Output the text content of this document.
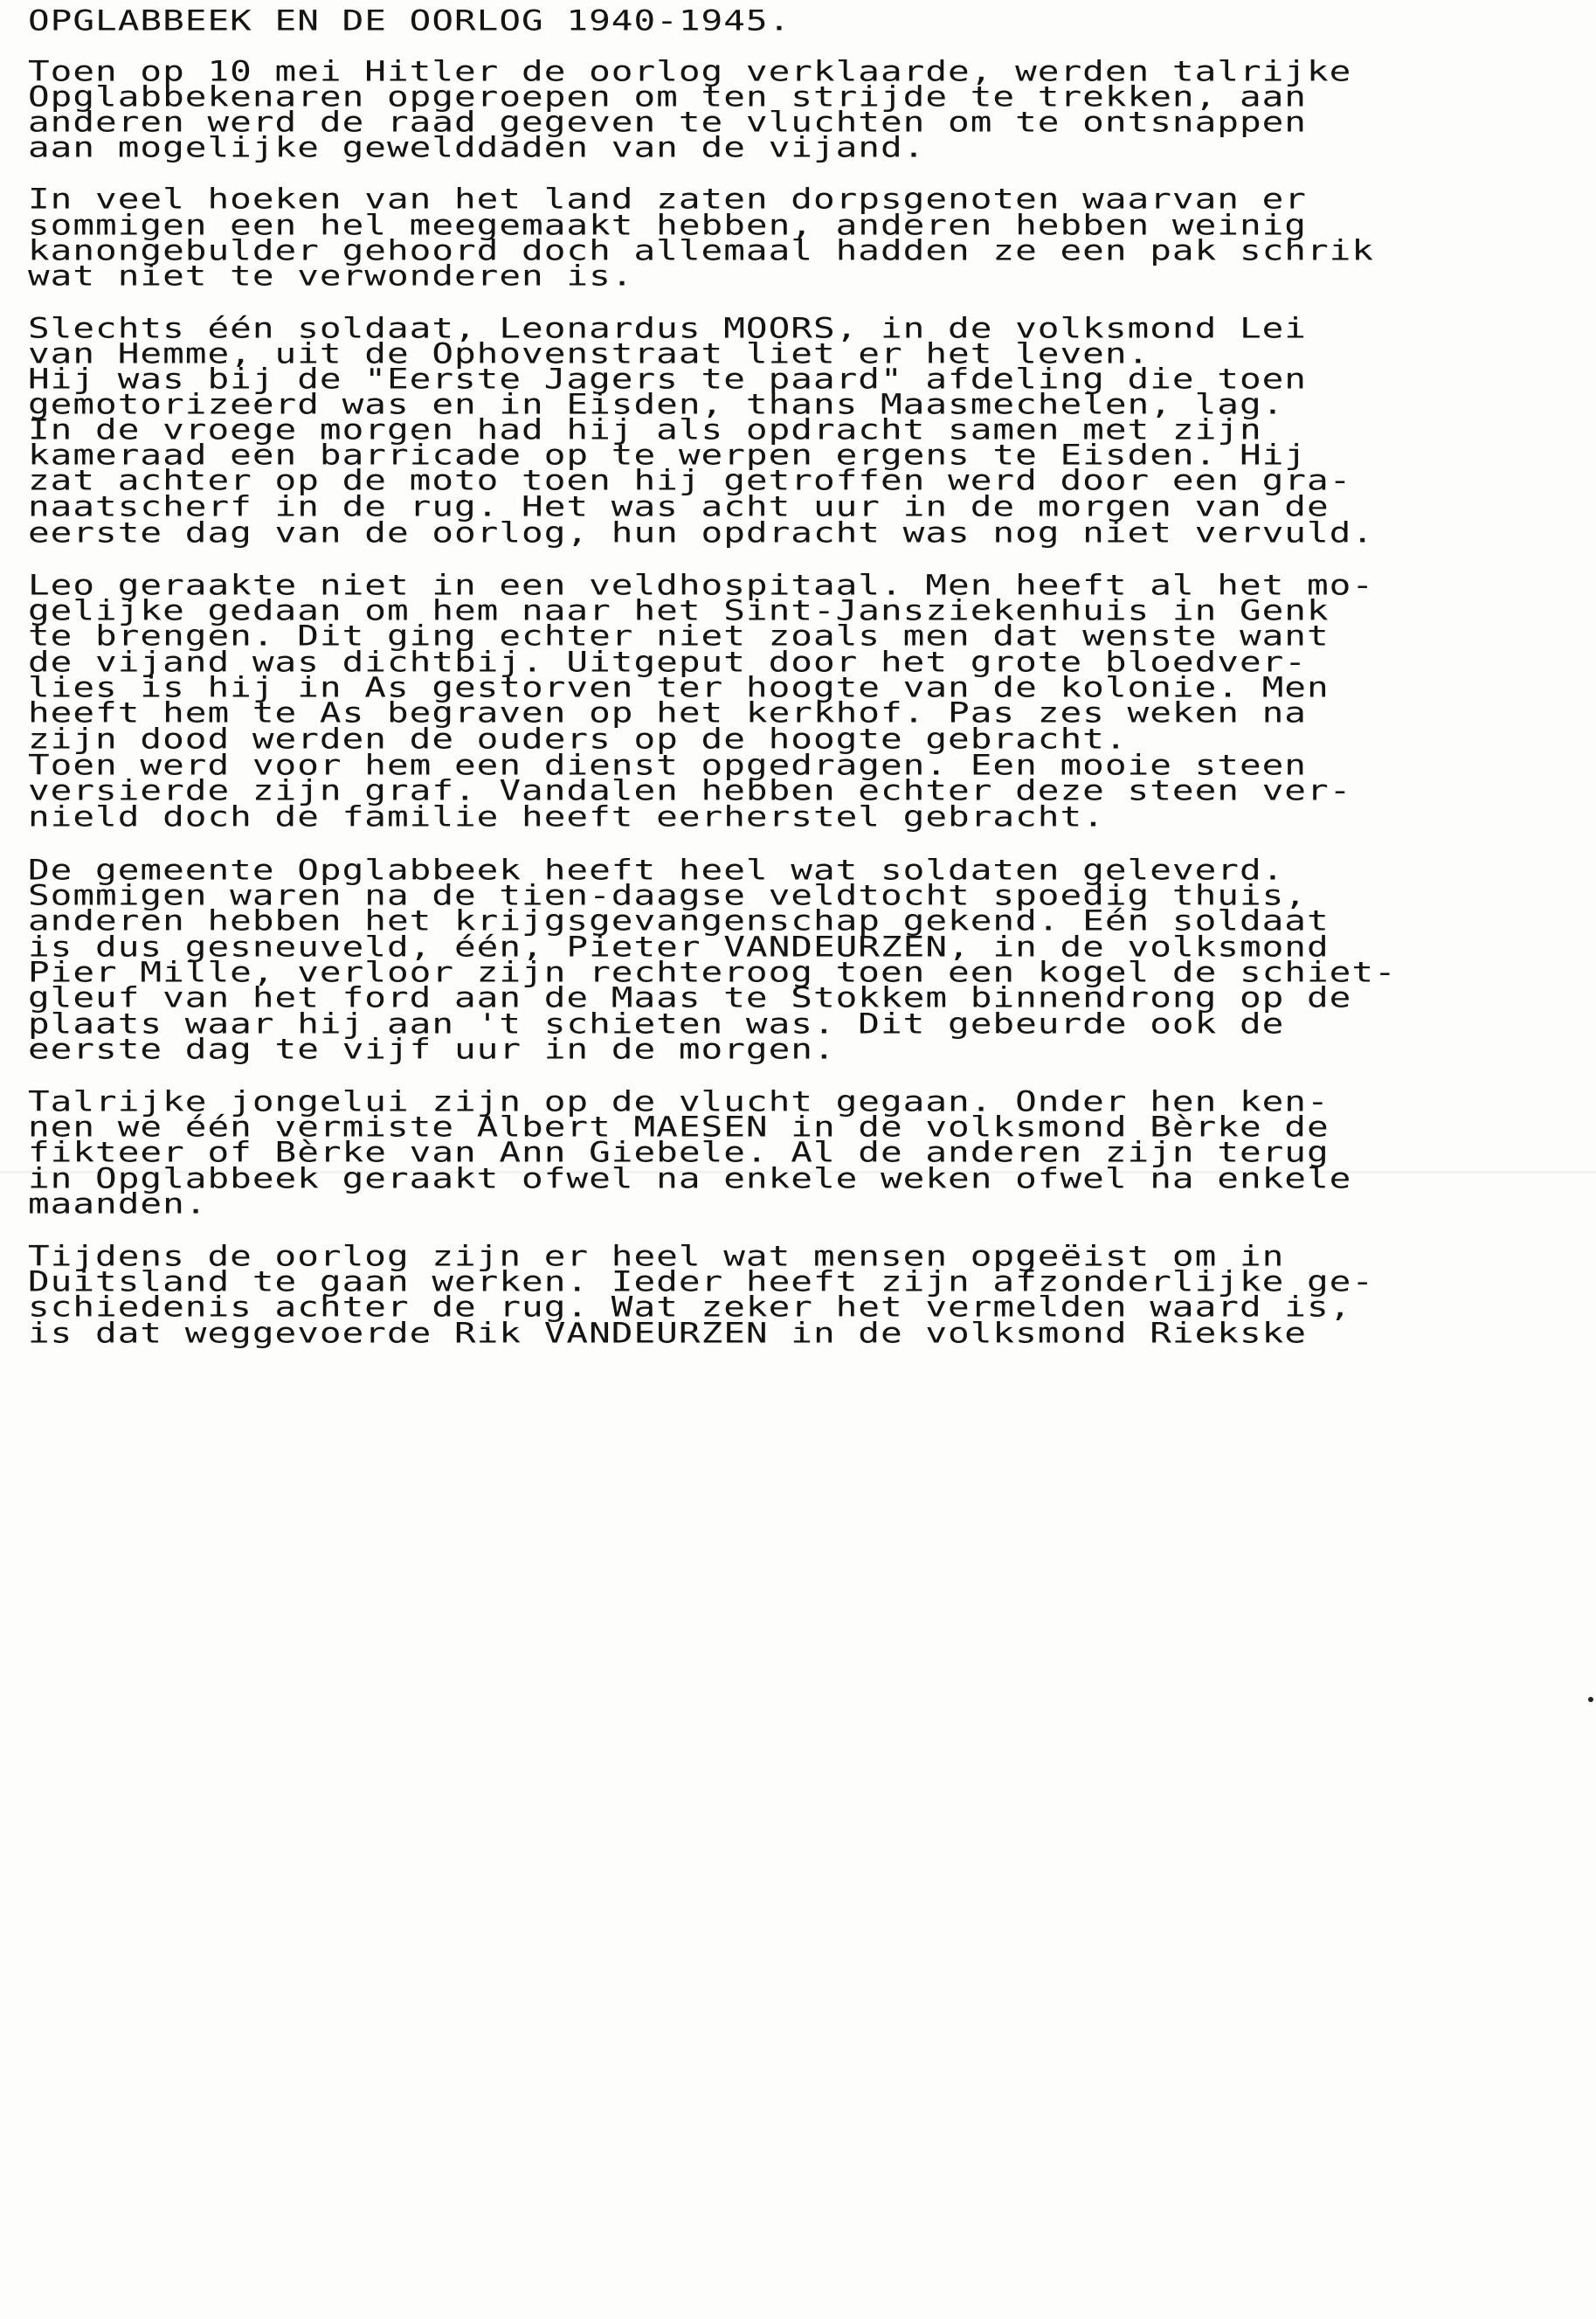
OPGLABBEEK EN DE OORLOG 1940-1945.
Toen op 10 mei Hitler de oorlog verklaarde, werden talrijke
Opglabbekenaren opgeroepen om ten strijde te trekken, aan
anderen werd de raad gegeven te vluchten om te ontsnappen
aan mogelijke gewelddaden van de vijand.
In veel hoeken van het land zaten dorpsgenoten waarvan er
sommigen een hel meegemaakt hebben, anderen hebben weinig
kanongebulder gehoord doch allemaal hadden ze een pak schrik
wat niet te verwonderen is.
Slechts één soldaat, Leonardus MOORS, in de volksmond Lei
van Hemme, uit de Ophovenstraat liet er het leven.
Hij was bij de "Eerste Jagers te paard" afdeling die toen
gemotorizeerd was en in Eisden, thans Maasmechelen, lag.
In de vroege morgen had hij als opdracht samen met zijn
kameraad een barricade op te werpen ergens te Eisden. Hij
zat achter op de moto toen hij getroffen werd door een gra-
naatscherf in de rug. Het was acht uur in de morgen van de
eerste dag van de oorlog, hun opdracht was nog niet vervuld.
Leo geraakte niet in een veldhospitaal. Men heeft al het mo-
gelijke gedaan om hem naar het Sint-Jansziekenhuis in Genk
te brengen. Dit ging echter niet zoals men dat wenste want
de vijand was dichtbij. Uitgeput door het grote bloedver-
lies is hij in As gestorven ter hoogte van de kolonie. Men
heeft hem te As begraven op het kerkhof. Pas zes weken na
zijn dood werden de ouders op de hoogte gebracht.
Toen werd voor hem een dienst opgedragen. Een mooie steen
versierde zijn graf. Vandalen hebben echter deze steen ver-
nield doch de familie heeft eerherstel gebracht.
De gemeente Opglabbeek heeft heel wat soldaten geleverd.
Sommigen waren na de tien-daagse veldtocht spoedig thuis,
anderen hebben het krijgsgevangenschap gekend. Eén soldaat
is dus gesneuveld, één, Pieter VANDEURZEN, in de volksmond
Pier Mille, verloor zijn rechteroog toen een kogel de schiet-
gleuf van het ford aan de Maas te Stokkem binnendrong op de
plaats waar hij aan 't schieten was. Dit gebeurde ook de
eerste dag te vijf uur in de morgen.
Talrijke jongelui zijn op de vlucht gegaan. Onder hen ken-
nen we één vermiste Albert MAESEN in de volksmond Bèrke de
fikteer of Bèrke van Ann Giebele. Al de anderen zijn terug
in Opglabbeek geraakt ofwel na enkele weken ofwel na enkele
maanden.
Tijdens de oorlog zijn er heel wat mensen opgeëist om in
Duitsland te gaan werken. Ieder heeft zijn afzonderlijke ge-
schiedenis achter de rug. Wat zeker het vermelden waard is,
is dat weggevoerde Rik VANDEURZEN in de volksmond Riekske
